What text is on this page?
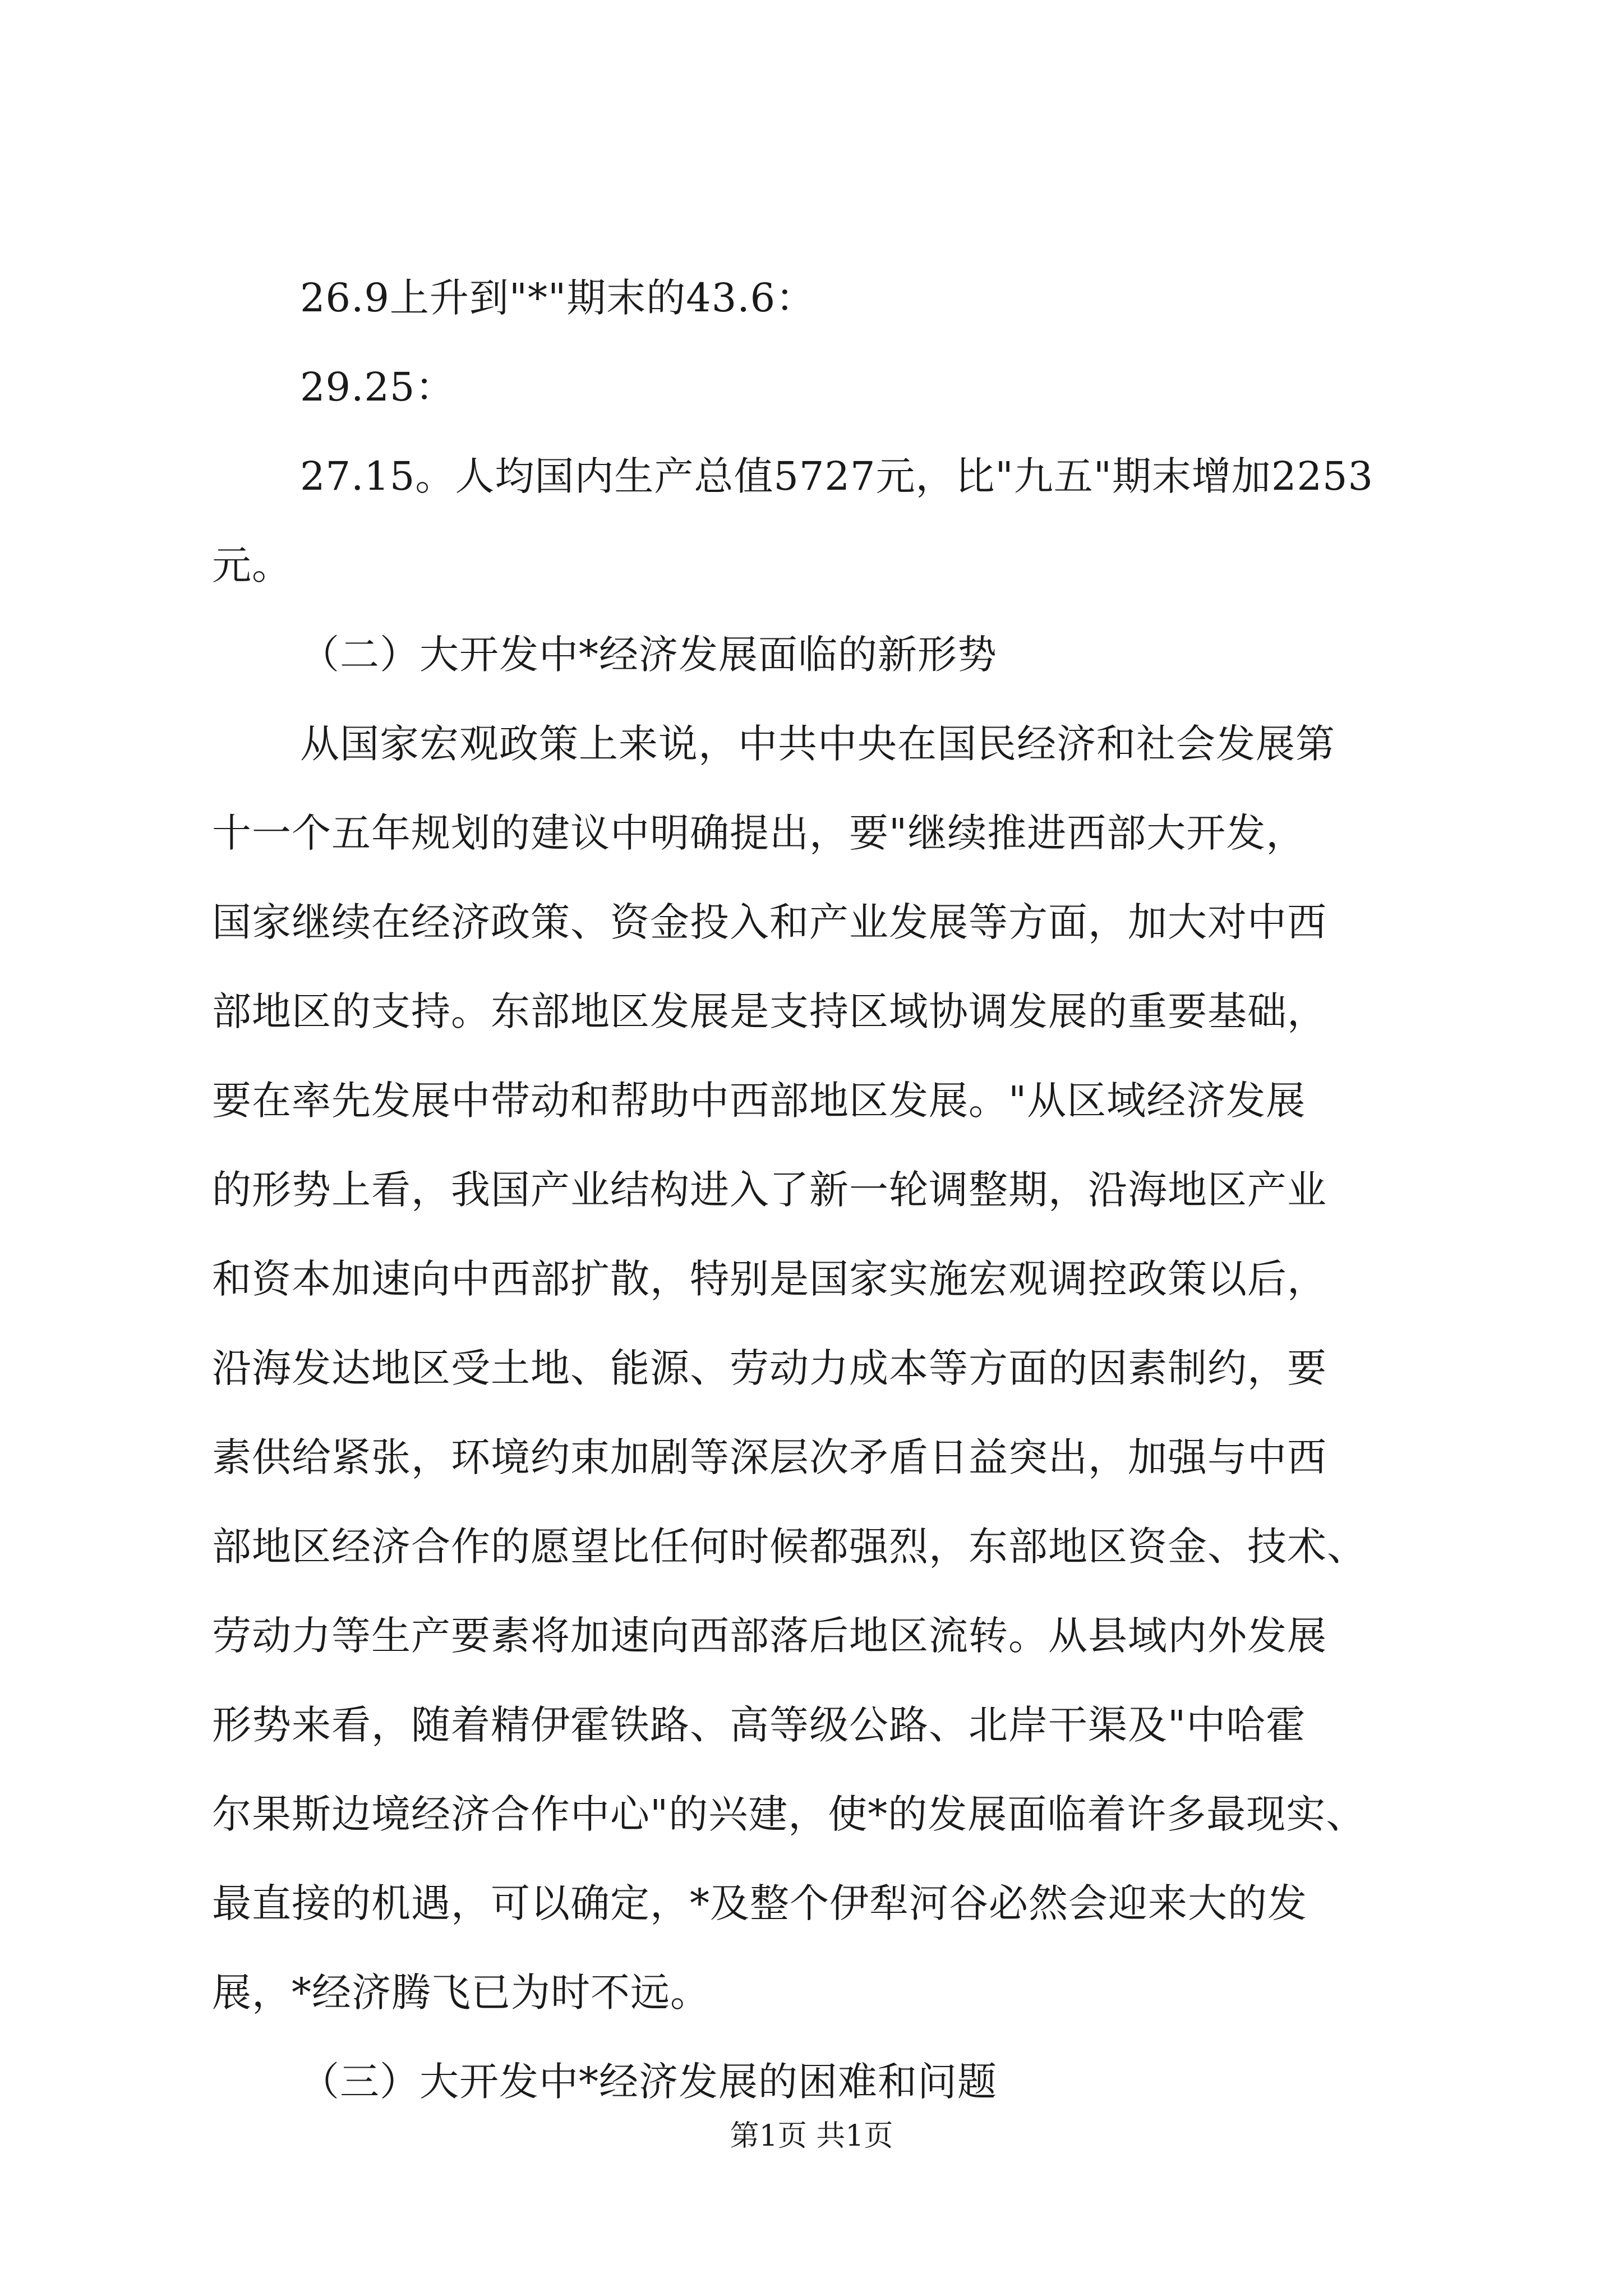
26.9上升到"*"期末的43.6：
29.25：
27.15。人均国内生产总值5727元，比"九五"期末增加2253
元。
（二）大开发中*经济发展面临的新形势
从国家宏观政策上来说，中共中央在国民经济和社会发展第
十一个五年规划的建议中明确提出，要"继续推进西部大开发，
国家继续在经济政策、资金投入和产业发展等方面，加大对中西
部地区的支持。东部地区发展是支持区域协调发展的重要基础，
要在率先发展中带动和帮助中西部地区发展。"从区域经济发展
的形势上看，我国产业结构进入了新一轮调整期，沿海地区产业
和资本加速向中西部扩散，特别是国家实施宏观调控政策以后，
沿海发达地区受土地、能源、劳动力成本等方面的因素制约，要
素供给紧张，环境约束加剧等深层次矛盾日益突出，加强与中西
部地区经济合作的愿望比任何时候都强烈，东部地区资金、技术、
劳动力等生产要素将加速向西部落后地区流转。从县域内外发展
形势来看，随着精伊霍铁路、高等级公路、北岸干渠及"中哈霍
尔果斯边境经济合作中心"的兴建，使*的发展面临着许多最现实、
最直接的机遇，可以确定，*及整个伊犁河谷必然会迎来大的发
展，*经济腾飞已为时不远。
（三）大开发中*经济发展的困难和问题
第1页 共1页
